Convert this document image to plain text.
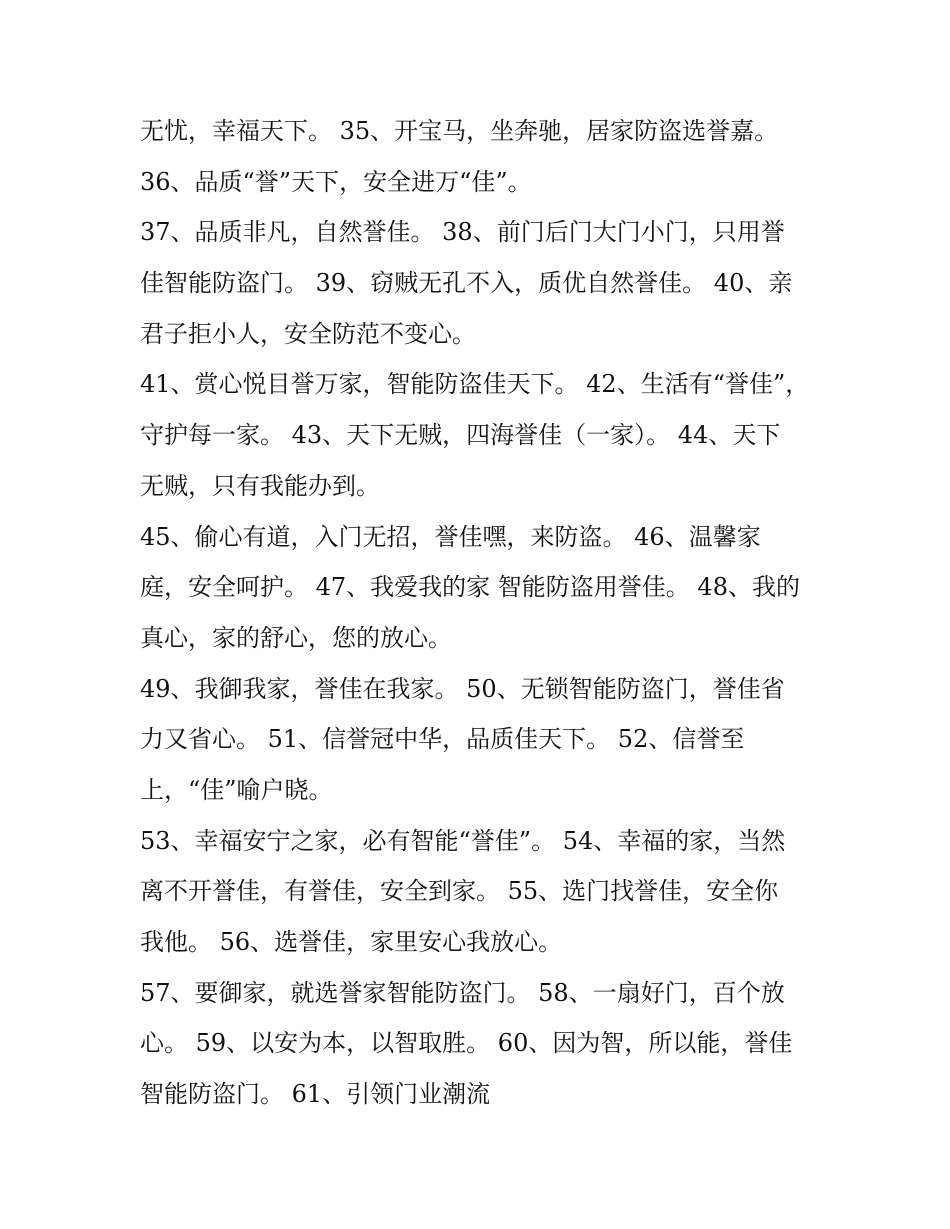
无忧，幸福天下。 35、开宝马，坐奔驰，居家防盗选誉嘉。
36、品质“誉”天下，安全进万“佳”。
37、品质非凡，自然誉佳。 38、前门后门大门小门，只用誉
佳智能防盗门。 39、窃贼无孔不入，质优自然誉佳。 40、亲
君子拒小人，安全防范不变心。
41、赏心悦目誉万家，智能防盗佳天下。 42、生活有“誉佳”，
守护每一家。 43、天下无贼，四海誉佳（一家）。 44、天下
无贼，只有我能办到。
45、偷心有道，入门无招，誉佳嘿，来防盗。 46、温馨家
庭，安全呵护。 47、我爱我的家 智能防盗用誉佳。 48、我的
真心，家的舒心，您的放心。
49、我御我家，誉佳在我家。 50、无锁智能防盗门，誉佳省
力又省心。 51、信誉冠中华，品质佳天下。 52、信誉至
上，“佳”喻户晓。
53、幸福安宁之家，必有智能“誉佳”。 54、幸福的家，当然
离不开誉佳，有誉佳，安全到家。 55、选门找誉佳，安全你
我他。 56、选誉佳，家里安心我放心。
57、要御家，就选誉家智能防盗门。 58、一扇好门，百个放
心。 59、以安为本，以智取胜。 60、因为智，所以能，誉佳
智能防盗门。 61、引领门业潮流
